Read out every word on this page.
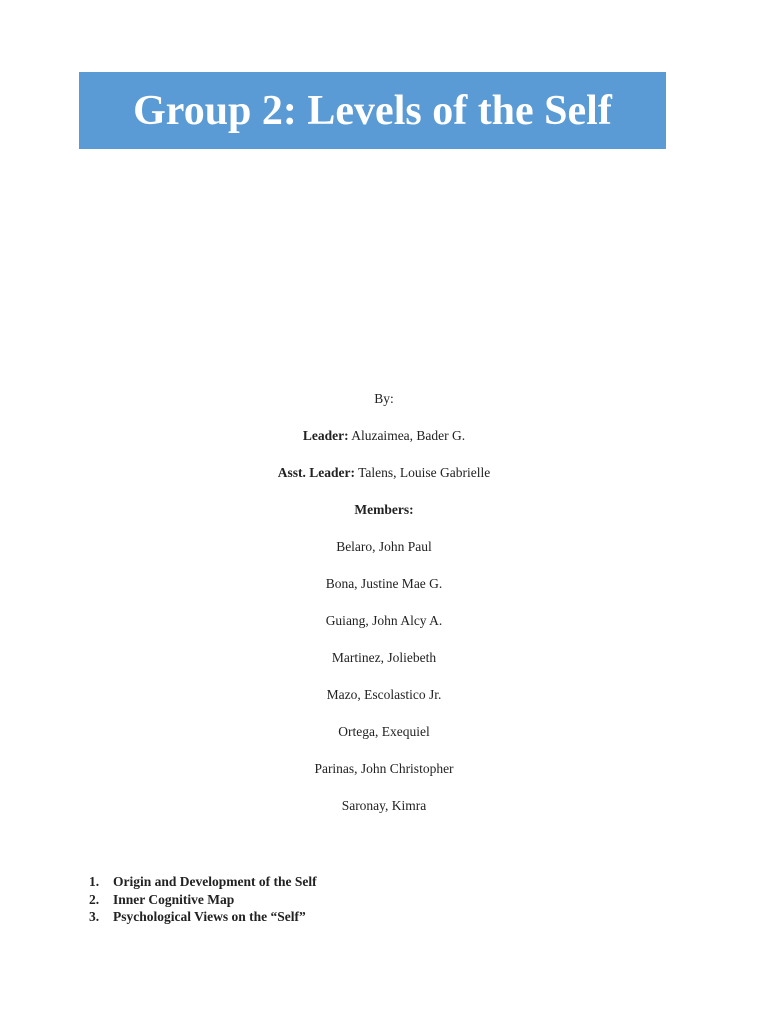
Group 2: Levels of the Self
By:
Leader: Aluzaimea, Bader G.
Asst. Leader: Talens, Louise Gabrielle
Members:
Belaro, John Paul
Bona, Justine Mae G.
Guiang, John Alcy A.
Martinez, Joliebeth
Mazo, Escolastico Jr.
Ortega, Exequiel
Parinas, John Christopher
Saronay, Kimra
1.	Origin and Development of the Self
2.	Inner Cognitive Map
3.	Psychological Views on the “Self”
